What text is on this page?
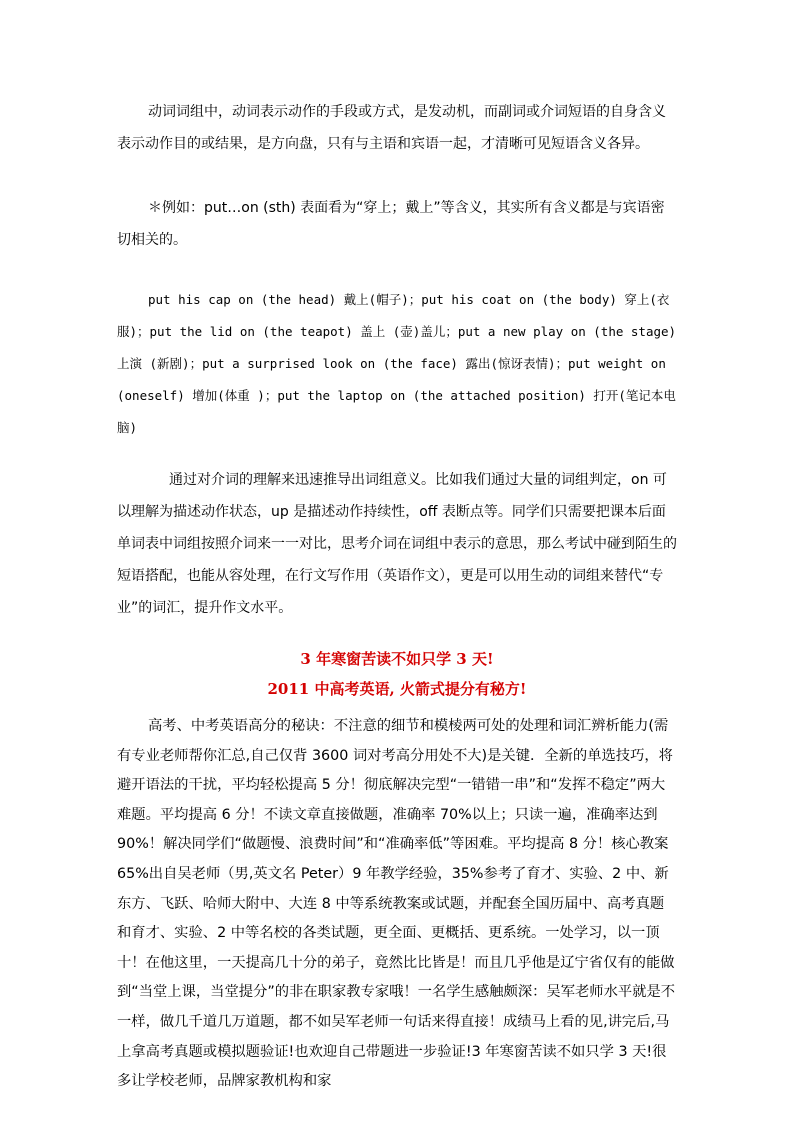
动词词组中，动词表示动作的手段或方式，是发动机，而副词或介词短语的自身含义表示动作目的或结果，是方向盘，只有与主语和宾语一起，才清晰可见短语含义各异。

＊例如：put…on (sth) 表面看为“穿上；戴上”等含义，其实所有含义都是与宾语密切相关的。

put his cap on (the head) 戴上(帽子)；put his coat on (the body) 穿上(衣服)；put the lid on (the teapot) 盖上 (壶)盖儿；put a new play on (the stage) 上演 (新剧)；put a surprised look on (the face) 露出(惊讶表情)；put weight on (oneself) 增加(体重 )；put the laptop on (the attached position) 打开(笔记本电脑)

通过对介词的理解来迅速推导出词组意义。比如我们通过大量的词组判定，on 可以理解为描述动作状态，up 是描述动作持续性，off 表断点等。同学们只需要把课本后面单词表中词组按照介词来一一对比，思考介词在词组中表示的意思，那么考试中碰到陌生的短语搭配，也能从容处理，在行文写作用（英语作文），更是可以用生动的词组来替代“专业”的词汇，提升作文水平。

3 年寒窗苦读不如只学 3 天!

2011 中高考英语, 火箭式提分有秘方!

高考、中考英语高分的秘诀：不注意的细节和模棱两可处的处理和词汇辨析能力(需有专业老师帮你汇总,自己仅背 3600 词对考高分用处不大)是关键．全新的单选技巧，将避开语法的干扰，平均轻松提高 5 分！彻底解决完型“一错错一串”和“发挥不稳定”两大难题。平均提高 6 分！不读文章直接做题，准确率 70%以上；只读一遍，准确率达到 90%！解决同学们“做题慢、浪费时间”和“准确率低”等困难。平均提高 8 分！核心教案 65%出自吴老师（男,英文名 Peter）9 年教学经验，35%参考了育才、实验、2 中、新东方、飞跃、哈师大附中、大连 8 中等系统教案或试题，并配套全国历届中、高考真题和育才、实验、2 中等名校的各类试题，更全面、更概括、更系统。一处学习，以一顶十！在他这里，一天提高几十分的弟子，竟然比比皆是！而且几乎他是辽宁省仅有的能做到“当堂上课，当堂提分”的非在职家教专家哦！一名学生感触颇深：吴军老师水平就是不一样，做几千道几万道题，都不如吴军老师一句话来得直接！成绩马上看的见,讲完后,马上拿高考真题或模拟题验证!也欢迎自己带题进一步验证!3 年寒窗苦读不如只学 3 天!很多让学校老师，品牌家教机构和家
